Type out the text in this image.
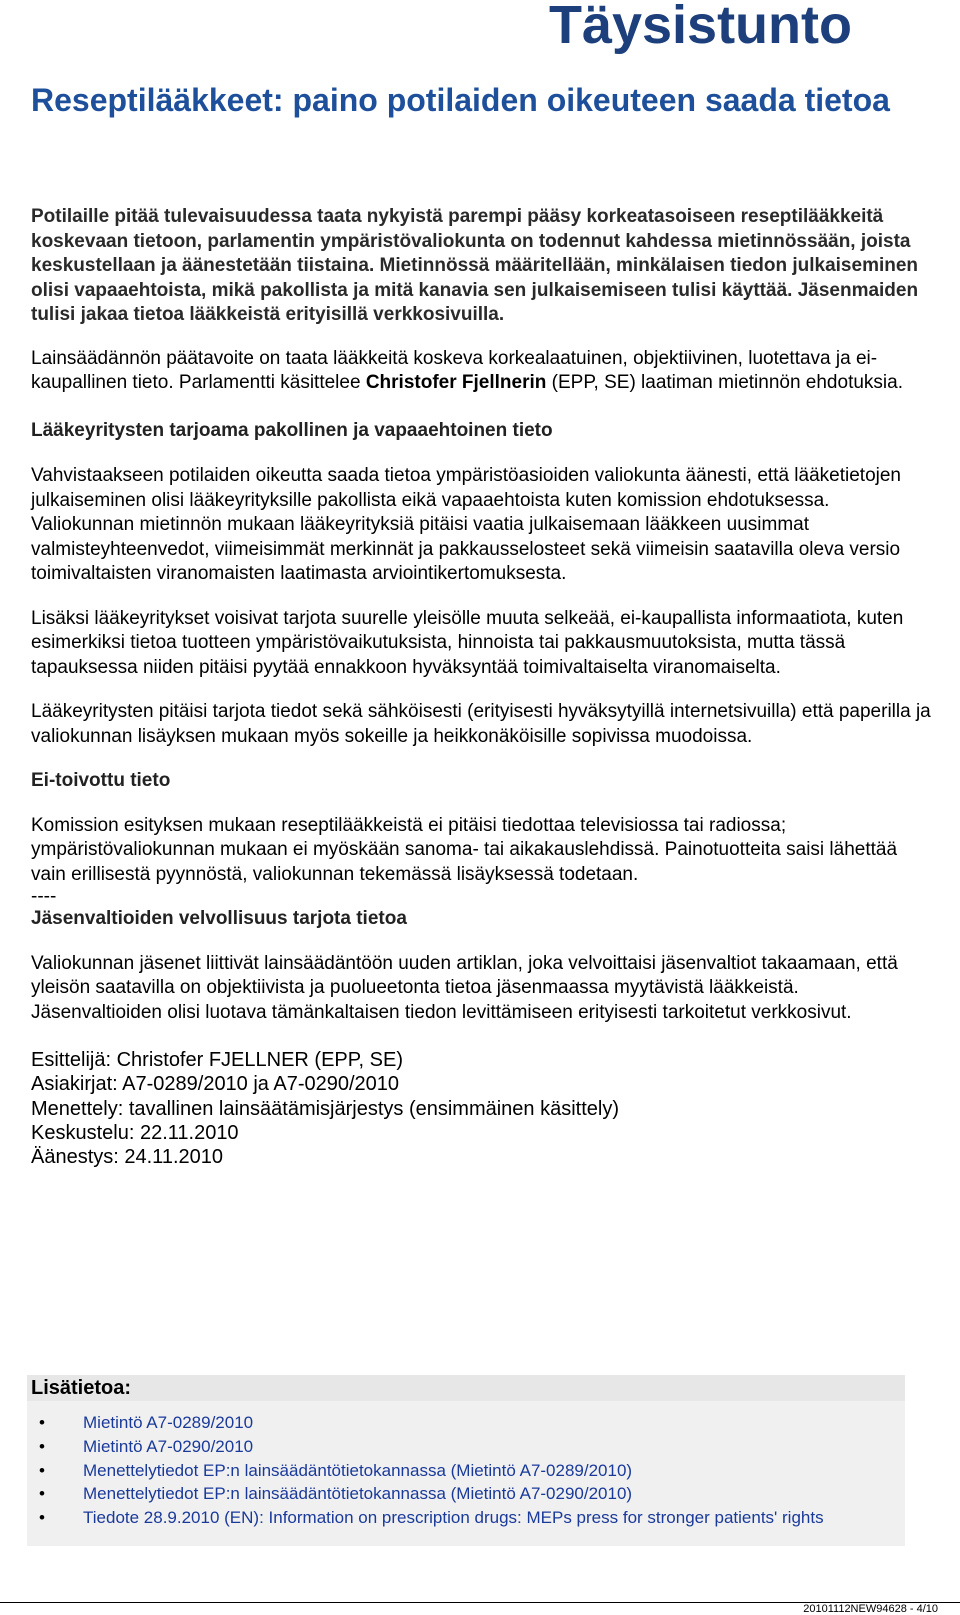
Täysistunto
Reseptilääkkeet: paino potilaiden oikeuteen saada tietoa

Potilaille pitää tulevaisuudessa taata nykyistä parempi pääsy korkeatasoiseen reseptilääkkeitä koskevaan tietoon, parlamentin ympäristövaliokunta on todennut kahdessa mietinnössään, joista keskustellaan ja äänestetään tiistaina. Mietinnössä määritellään, minkälaisen tiedon julkaiseminen olisi vapaaehtoista, mikä pakollista ja mitä kanavia sen julkaisemiseen tulisi käyttää. Jäsenmaiden tulisi jakaa tietoa lääkkeistä erityisillä verkkosivuilla.

Lainsäädännön päätavoite on taata lääkkeitä koskeva korkealaatuinen, objektiivinen, luotettava ja ei-kaupallinen tieto. Parlamentti käsittelee Christofer Fjellnerin (EPP, SE) laatiman mietinnön ehdotuksia.

Lääkeyritysten tarjoama pakollinen ja vapaaehtoinen tieto

Vahvistaakseen potilaiden oikeutta saada tietoa ympäristöasioiden valiokunta äänesti, että lääketietojen julkaiseminen olisi lääkeyrityksille pakollista eikä vapaaehtoista kuten komission ehdotuksessa. Valiokunnan mietinnön mukaan lääkeyrityksiä pitäisi vaatia julkaisemaan lääkkeen uusimmat valmisteyhteenvedot, viimeisimmät merkinnät ja pakkausselosteet sekä viimeisin saatavilla oleva versio toimivaltaisten viranomaisten laatimasta arviointikertomuksesta.

Lisäksi lääkeyritykset voisivat tarjota suurelle yleisölle muuta selkeää, ei-kaupallista informaatiota, kuten esimerkiksi tietoa tuotteen ympäristövaikutuksista, hinnoista tai pakkausmuutoksista, mutta tässä tapauksessa niiden pitäisi pyytää ennakkoon hyväksyntää toimivaltaiselta viranomaiselta.

Lääkeyritysten pitäisi tarjota tiedot sekä sähköisesti (erityisesti hyväksytyillä internetsivuilla) että paperilla ja valiokunnan lisäyksen mukaan myös sokeille ja heikkonäköisille sopivissa muodoissa.

Ei-toivottu tieto

Komission esityksen mukaan reseptilääkkeistä ei pitäisi tiedottaa televisiossa tai radiossa; ympäristövaliokunnan mukaan ei myöskään sanoma- tai aikakauslehdissä. Painotuotteita saisi lähettää vain erillisestä pyynnöstä, valiokunnan tekemässä lisäyksessä todetaan.

----

Jäsenvaltioiden velvollisuus tarjota tietoa

Valiokunnan jäsenet liittivät lainsäädäntöön uuden artiklan, joka velvoittaisi jäsenvaltiot takaamaan, että yleisön saatavilla on objektiivista ja puolueetonta tietoa jäsenmaassa myytävistä lääkkeistä. Jäsenvaltioiden olisi luotava tämänkaltaisen tiedon levittämiseen erityisesti tarkoitetut verkkosivut.

Esittelijä: Christofer FJELLNER (EPP, SE)
Asiakirjat: A7-0289/2010 ja A7-0290/2010
Menettely: tavallinen lainsäätämisjärjestys (ensimmäinen käsittely)
Keskustelu: 22.11.2010
Äänestys: 24.11.2010
Lisätietoa:
• Mietintö A7-0289/2010
• Mietintö A7-0290/2010
• Menettelytiedot EP:n lainsäädäntötietokannassa (Mietintö A7-0289/2010)
• Menettelytiedot EP:n lainsäädäntötietokannassa (Mietintö A7-0290/2010)
• Tiedote 28.9.2010 (EN): Information on prescription drugs: MEPs press for stronger patients' rights
20101112NEW94628 - 4/10
